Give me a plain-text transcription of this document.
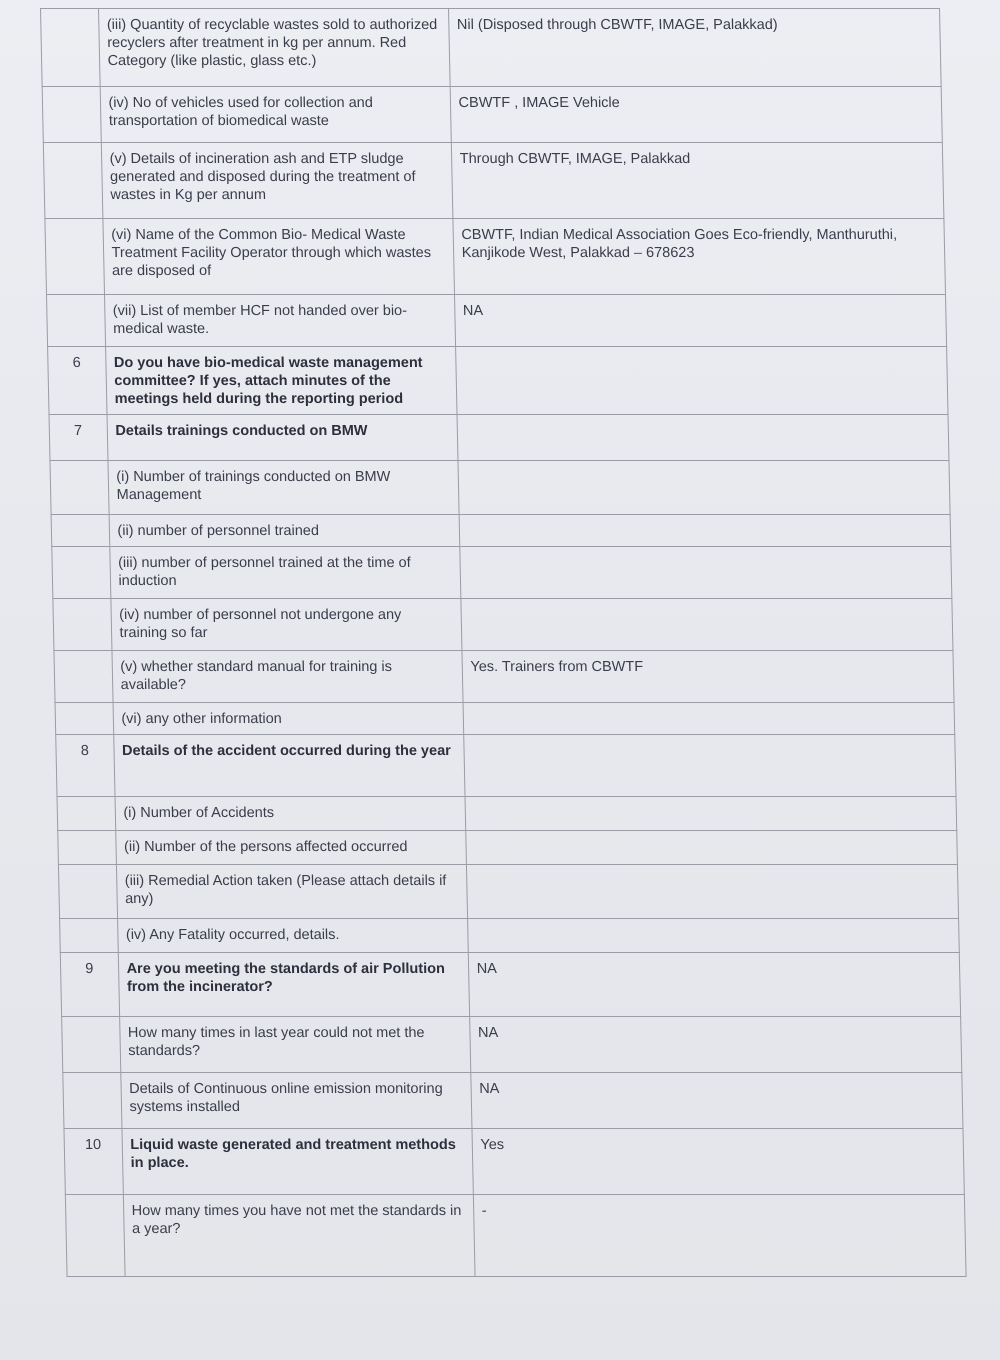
	(iii) Quantity of recyclable wastes sold to authorized recyclers after treatment in kg per annum. Red Category (like plastic, glass etc.)	Nil (Disposed through CBWTF, IMAGE, Palakkad)
	(iv) No of vehicles used for collection and transportation of biomedical waste	CBWTF , IMAGE Vehicle
	(v) Details of incineration ash and ETP sludge generated and disposed during the treatment of wastes in Kg per annum	Through CBWTF, IMAGE, Palakkad
	(vi) Name of the Common Bio- Medical Waste Treatment Facility Operator through which wastes are disposed of	CBWTF, Indian Medical Association Goes Eco-friendly, Manthuruthi, Kanjikode West, Palakkad – 678623
	(vii) List of member HCF not handed over bio-medical waste.	NA
6	Do you have bio-medical waste management committee? If yes, attach minutes of the meetings held during the reporting period	
7	Details trainings conducted on BMW	
	(i) Number of trainings conducted on BMW Management	
	(ii) number of personnel trained	
	(iii) number of personnel trained at the time of induction	
	(iv) number of personnel not undergone any training so far	
	(v) whether standard manual for training is available?	Yes. Trainers from CBWTF
	(vi) any other information	
8	Details of the accident occurred during the year	
	(i) Number of Accidents	
	(ii) Number of the persons affected occurred	
	(iii) Remedial Action taken (Please attach details if any)	
	(iv) Any Fatality occurred, details.	
9	Are you meeting the standards of air Pollution from the incinerator?	NA
	How many times in last year could not met the standards?	NA
	Details of Continuous online emission monitoring systems installed	NA
10	Liquid waste generated and treatment methods in place.	Yes
	How many times you have not met the standards in a year?	-
